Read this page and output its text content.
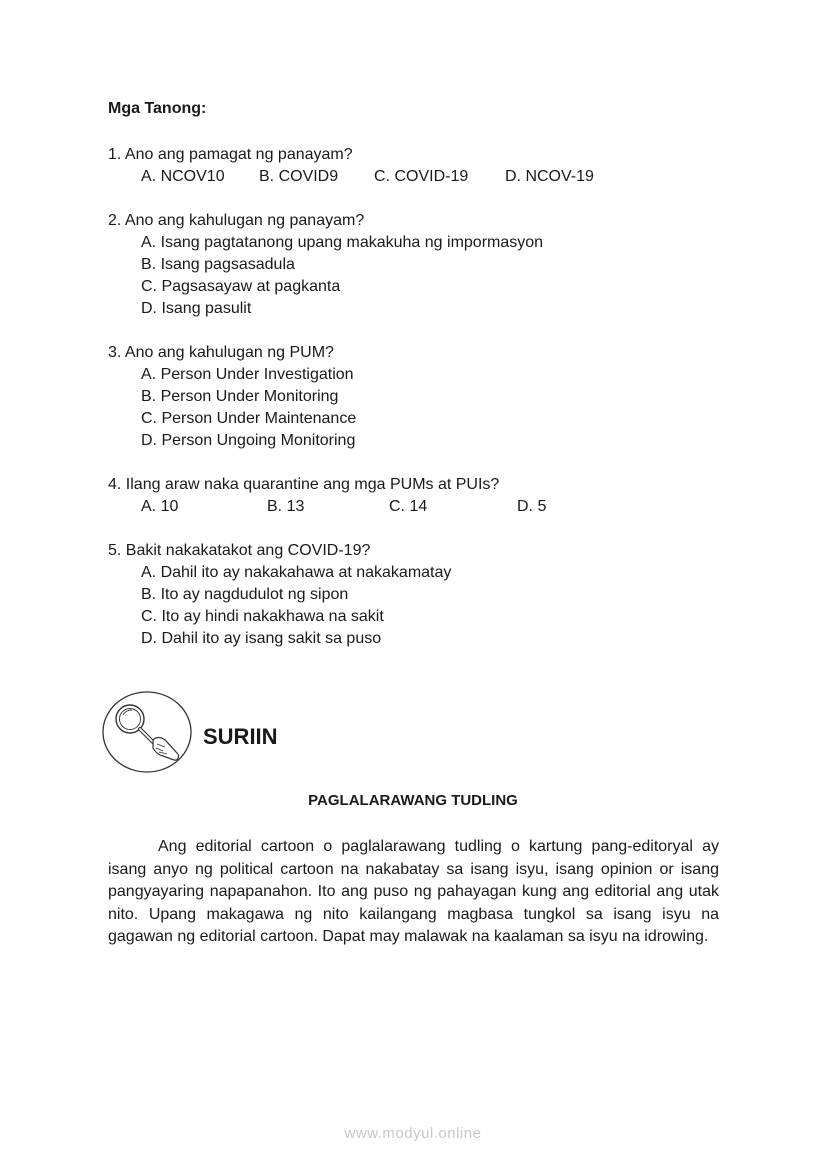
Mga Tanong:
1. Ano ang pamagat ng panayam?
A. NCOV10 B. COVID9 C. COVID-19 D. NCOV-19
2. Ano ang kahulugan ng panayam?
A. Isang pagtatanong upang makakuha ng impormasyon
B. Isang pagsasadula
C. Pagsasayaw at pagkanta
D. Isang pasulit
3. Ano ang kahulugan ng PUM?
A. Person Under Investigation
B. Person Under Monitoring
C. Person Under Maintenance
D. Person Ungoing Monitoring
4. Ilang araw naka quarantine ang mga PUMs at PUIs?
A. 10	B. 13	C. 14	D. 5
5. Bakit nakakatakot ang COVID-19?
A. Dahil ito ay nakakahawa at nakakamatay
B. Ito ay nagdudulot ng sipon
C. Ito ay hindi nakakhawa na sakit
D. Dahil ito ay isang sakit sa puso
SURIIN
PAGLALARAWANG TUDLING

Ang editorial cartoon o paglalarawang tudling o kartung pang-editoryal ay isang anyo ng political cartoon na nakabatay sa isang isyu, isang opinion or isang pangyayaring napapanahon. Ito ang puso ng pahayagan kung ang editorial ang utak nito. Upang makagawa ng nito kailangang magbasa tungkol sa isang isyu na gagawan ng editorial cartoon. Dapat may malawak na kaalaman sa isyu na idrowing.

www.modyul.online
